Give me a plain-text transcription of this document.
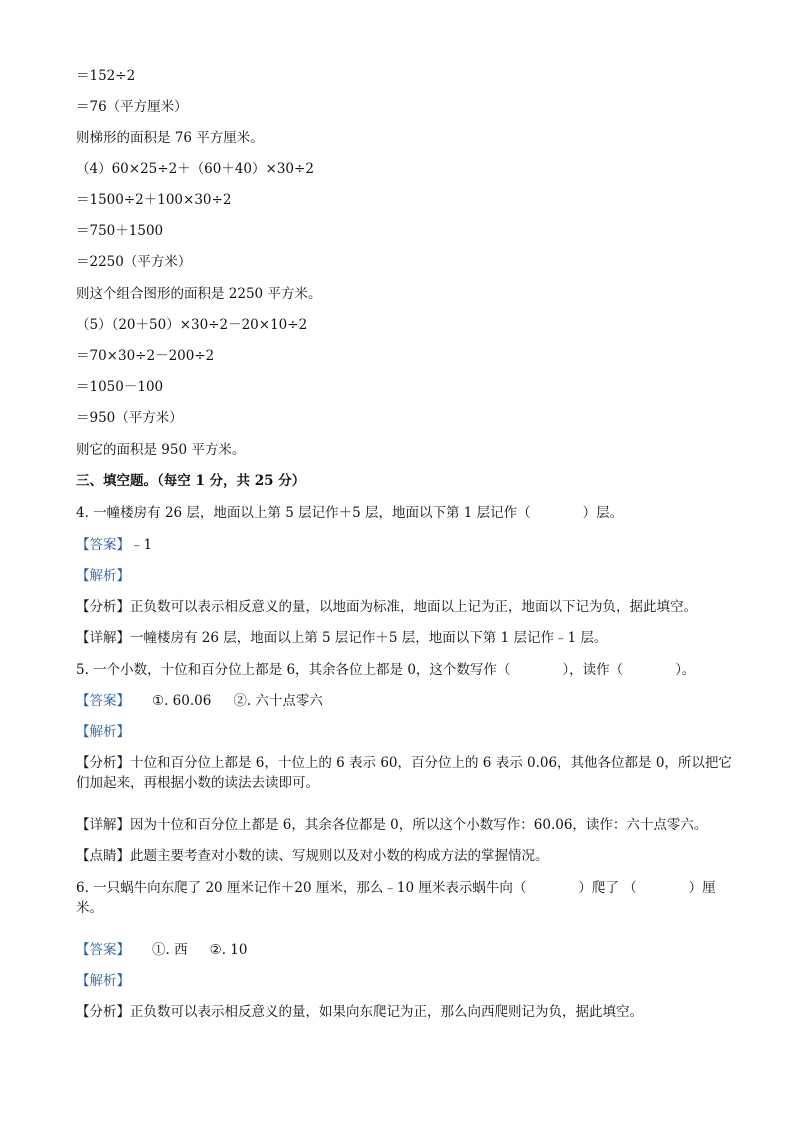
＝152÷2
＝76（平方厘米）
则梯形的面积是 76 平方厘米。
（4）60×25÷2＋（60＋40）×30÷2
＝1500÷2＋100×30÷2
＝750＋1500
＝2250（平方米）
则这个组合图形的面积是 2250 平方米。
（5）（20＋50）×30÷2－20×10÷2
＝70×30÷2－200÷2
＝1050－100
＝950（平方米）
则它的面积是 950 平方米。
三、填空题。（每空 1 分，共 25 分）
4. 一幢楼房有 26 层，地面以上第 5 层记作＋5 层，地面以下第 1 层记作（	）层。
【答案】﹣1
【解析】
【分析】正负数可以表示相反意义的量，以地面为标准，地面以上记为正，地面以下记为负，据此填空。
【详解】一幢楼房有 26 层，地面以上第 5 层记作＋5 层，地面以下第 1 层记作﹣1 层。
5. 一个小数，十位和百分位上都是 6，其余各位上都是 0，这个数写作（	），读作（	）。
【答案】 ①. 60.06 ②. 六十点零六
【解析】
【分析】十位和百分位上都是 6，十位上的 6 表示 60，百分位上的 6 表示 0.06，其他各位都是 0，所以把它们加起来，再根据小数的读法去读即可。
【详解】因为十位和百分位上都是 6，其余各位都是 0，所以这个小数写作：60.06，读作：六十点零六。
【点睛】此题主要考查对小数的读、写规则以及对小数的构成方法的掌握情况。
6. 一只蜗牛向东爬了 20 厘米记作＋20 厘米，那么﹣10 厘米表示蜗牛向（	）爬了 （	）厘米。
【答案】 ①. 西 ②. 10
【解析】
【分析】正负数可以表示相反意义的量，如果向东爬记为正，那么向西爬则记为负，据此填空。
